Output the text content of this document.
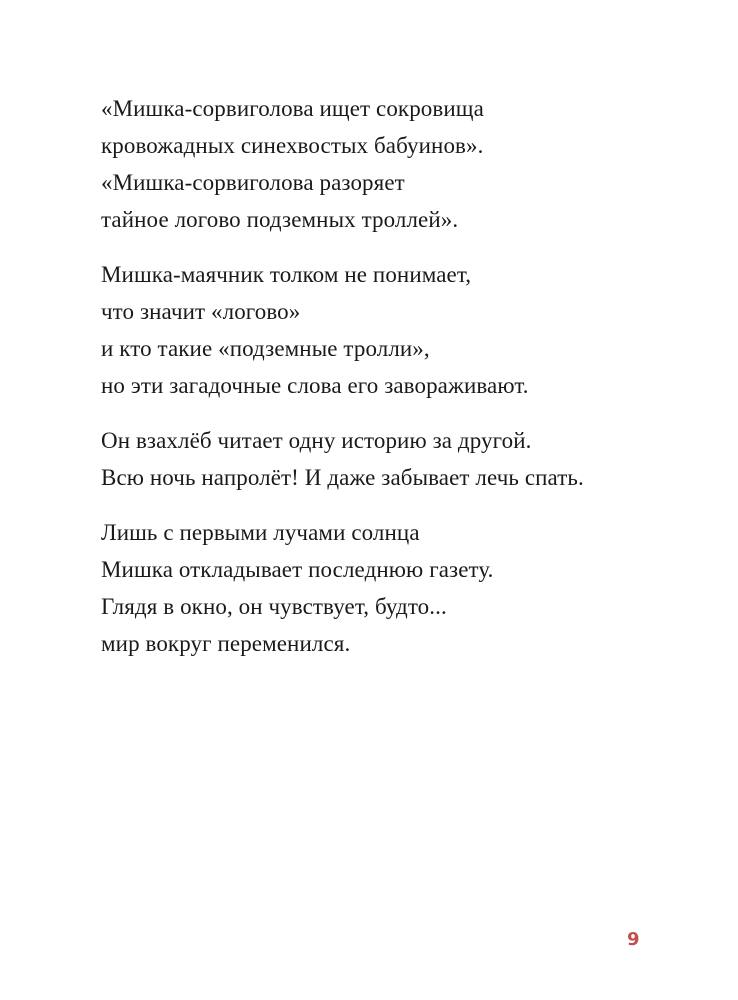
«Мишка-сорвиголова ищет сокровища
кровожадных синехвостых бабуинов».
«Мишка-сорвиголова разоряет
тайное логово подземных троллей».
Мишка-маячник толком не понимает,
что значит «логово»
и кто такие «подземные тролли»,
но эти загадочные слова его завораживают.
Он взахлёб читает одну историю за другой.
Всю ночь напролёт! И даже забывает лечь спать.
Лишь с первыми лучами солнца
Мишка откладывает последнюю газету.
Глядя в окно, он чувствует, будто...
мир вокруг переменился.
9
